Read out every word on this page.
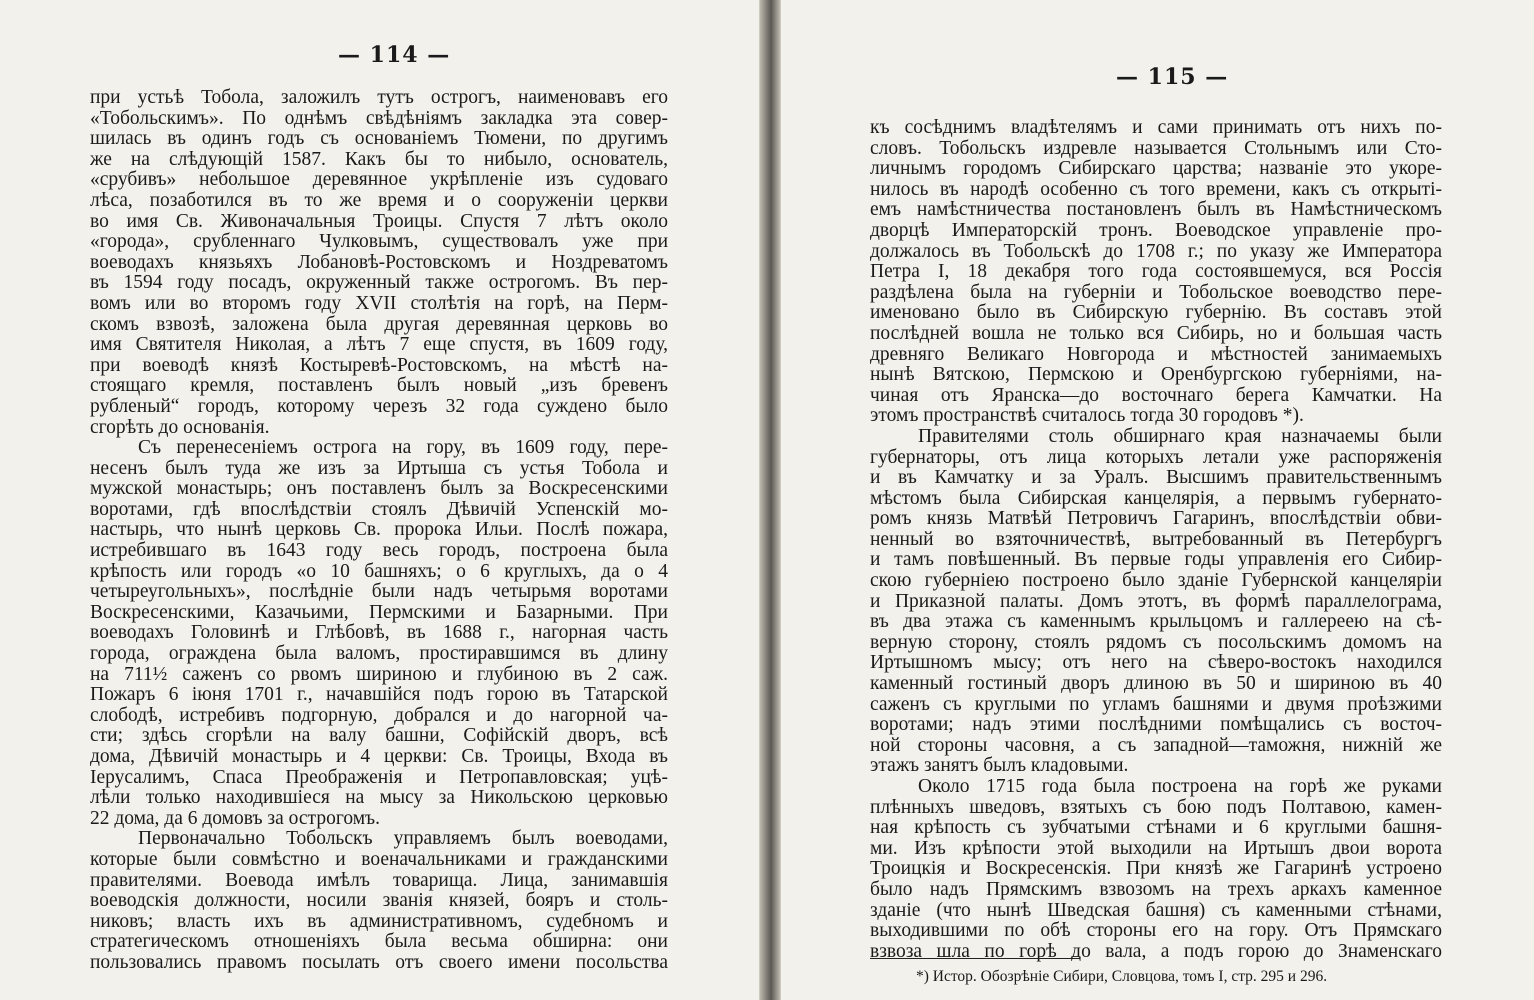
— 114 —
при устьѣ Тобола, заложилъ тутъ острогъ, наименовавъ его
«Тобольскимъ». По однѣмъ свѣдѣніямъ закладка эта совер-
шилась въ одинъ годъ съ основаніемъ Тюмени, по другимъ
же на слѣдующій 1587. Какъ бы то нибыло, основатель,
«срубивъ» небольшое деревянное укрѣпленіе изъ судоваго
лѣса, позаботился въ то же время и о сооруженіи церкви
во имя Св. Живоначальныя Троицы. Спустя 7 лѣтъ около
«города», срубленнаго Чулковымъ, существовалъ уже при
воеводахъ князьяхъ Лобановѣ-Ростовскомъ и Ноздреватомъ
въ 1594 году посадъ, окруженный также острогомъ. Въ пер-
вомъ или во второмъ году XVII столѣтія на горѣ, на Перм-
скомъ взвозѣ, заложена была другая деревянная церковь во
имя Святителя Николая, а лѣтъ 7 еще спустя, въ 1609 году,
при воеводѣ князѣ Костыревѣ-Ростовскомъ, на мѣстѣ на-
стоящаго кремля, поставленъ былъ новый „изъ бревенъ
рубленый“ городъ, которому черезъ 32 года суждено было
сгорѣть до основанія.
Съ перенесеніемъ острога на гору, въ 1609 году, пере-
несенъ былъ туда же изъ за Иртыша съ устья Тобола и
мужской монастырь; онъ поставленъ былъ за Воскресенскими
воротами, гдѣ впослѣдствіи стоялъ Дѣвичій Успенскій мо-
настырь, что нынѣ церковь Св. пророка Ильи. Послѣ пожара,
истребившаго въ 1643 году весь городъ, построена была
крѣпость или городъ «о 10 башняхъ; о 6 круглыхъ, да о 4
четыреугольныхъ», послѣдніе были надъ четырьмя воротами
Воскресенскими, Казачьими, Пермскими и Базарными. При
воеводахъ Головинѣ и Глѣбовѣ, въ 1688 г., нагорная часть
города, ограждена была валомъ, простиравшимся въ длину
на 711½ саженъ со рвомъ шириною и глубиною въ 2 саж.
Пожаръ 6 іюня 1701 г., начавшійся подъ горою въ Татарской
слободѣ, истребивъ подгорную, добрался и до нагорной ча-
сти; здѣсь сгорѣли на валу башни, Софійскій дворъ, всѣ
дома, Дѣвичій монастырь и 4 церкви: Св. Троицы, Входа въ
Іерусалимъ, Спаса Преображенія и Петропавловская; уцѣ-
лѣли только находившіеся на мысу за Никольскою церковью
22 дома, да 6 домовъ за острогомъ.
Первоначально Тобольскъ управляемъ былъ воеводами,
которые были совмѣстно и военачальниками и гражданскими
правителями. Воевода имѣлъ товарища. Лица, занимавшія
воеводскія должности, носили званія князей, бояръ и столь-
никовъ; власть ихъ въ административномъ, судебномъ и
стратегическомъ отношеніяхъ была весьма обширна: они
пользовались правомъ посылать отъ своего имени посольства
— 115 —
къ сосѣднимъ владѣтелямъ и сами принимать отъ нихъ по-
словъ. Тобольскъ издревле называется Стольнымъ или Сто-
личнымъ городомъ Сибирскаго царства; названіе это укоре-
нилось въ народѣ особенно съ того времени, какъ съ открыті-
емъ намѣстничества постановленъ былъ въ Намѣстническомъ
дворцѣ Императорскій тронъ. Воеводское управленіе про-
должалось въ Тобольскѣ до 1708 г.; по указу же Императора
Петра I, 18 декабря того года состоявшемуся, вся Россія
раздѣлена была на губерніи и Тобольское воеводство пере-
именовано было въ Сибирскую губернію. Въ составъ этой
послѣдней вошла не только вся Сибирь, но и большая часть
древняго Великаго Новгорода и мѣстностей занимаемыхъ
нынѣ Вятскою, Пермскою и Оренбургскою губерніями, на-
чиная отъ Яранска—до восточнаго берега Камчатки. На
этомъ пространствѣ считалось тогда 30 городовъ *).
Правителями столь обширнаго края назначаемы были
губернаторы, отъ лица которыхъ летали уже распоряженія
и въ Камчатку и за Уралъ. Высшимъ правительственнымъ
мѣстомъ была Сибирская канцелярія, а первымъ губернато-
ромъ князь Матвѣй Петровичъ Гагаринъ, впослѣдствіи обви-
ненный во взяточничествѣ, вытребованный въ Петербургъ
и тамъ повѣшенный. Въ первые годы управленія его Сибир-
скою губерніею построено было зданіе Губернской канцеляріи
и Приказной палаты. Домъ этотъ, въ формѣ параллелограма,
въ два этажа съ каменнымъ крыльцомъ и галлереею на сѣ-
верную сторону, стоялъ рядомъ съ посольскимъ домомъ на
Иртышномъ мысу; отъ него на сѣверо-востокъ находился
каменный гостиный дворъ длиною въ 50 и шириною въ 40
саженъ съ круглыми по угламъ башнями и двумя проѣзжими
воротами; надъ этими послѣдними помѣщались съ восточ-
ной стороны часовня, а съ западной—таможня, нижній же
этажъ занятъ былъ кладовыми.
Около 1715 года была построена на горѣ же руками
плѣнныхъ шведовъ, взятыхъ съ бою подъ Полтавою, камен-
ная крѣпость съ зубчатыми стѣнами и 6 круглыми башня-
ми. Изъ крѣпости этой выходили на Иртышъ двои ворота
Троицкія и Воскресенскія. При князѣ же Гагаринѣ устроено
было надъ Прямскимъ взвозомъ на трехъ аркахъ каменное
зданіе (что нынѣ Шведская башня) съ каменными стѣнами,
выходившими по обѣ стороны его на гору. Отъ Прямскаго
взвоза шла по горѣ до вала, а подъ горою до Знаменскаго
*) Истор. Обозрѣніе Сибири, Словцова, томъ I, стр. 295 и 296.
